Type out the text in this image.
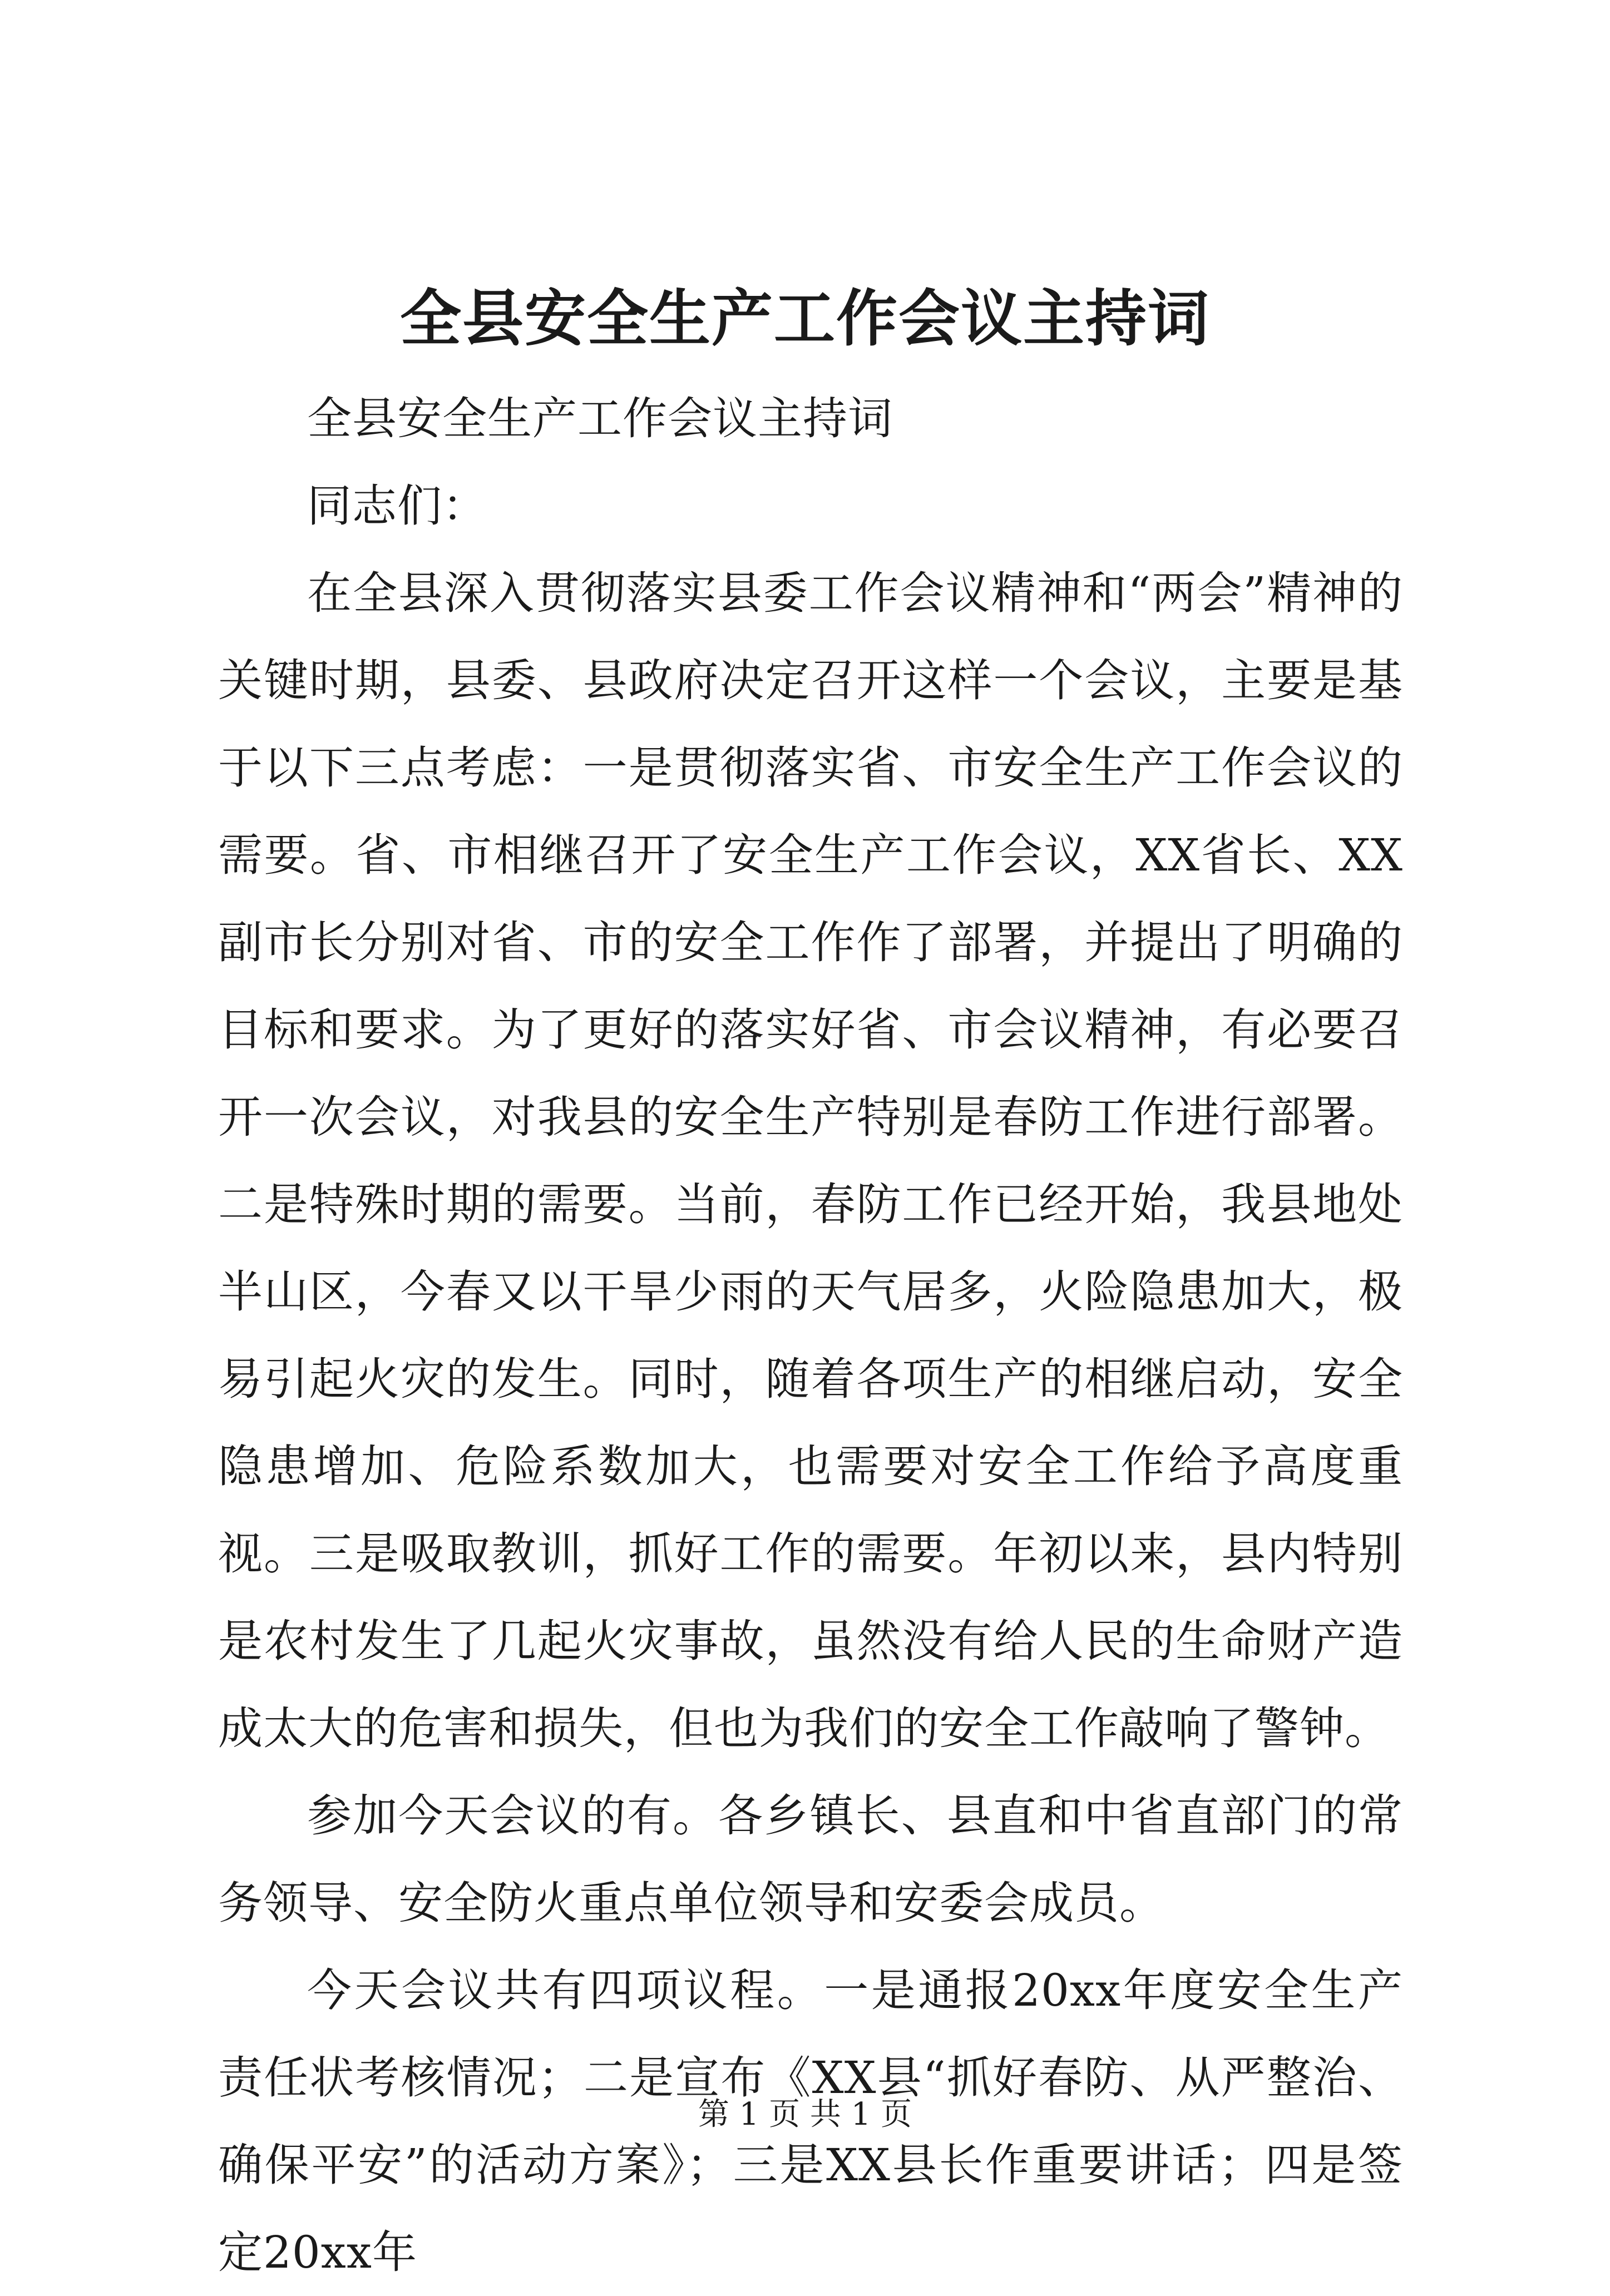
全县安全生产工作会议主持词

全县安全生产工作会议主持词

同志们：

在全县深入贯彻落实县委工作会议精神和“两会”精神的关键时期，县委、县政府决定召开这样一个会议，主要是基于以下三点考虑：一是贯彻落实省、市安全生产工作会议的需要。省、市相继召开了安全生产工作会议，XX省长、XX副市长分别对省、市的安全工作作了部署，并提出了明确的目标和要求。为了更好的落实好省、市会议精神，有必要召开一次会议，对我县的安全生产特别是春防工作进行部署。二是特殊时期的需要。当前，春防工作已经开始，我县地处半山区，今春又以干旱少雨的天气居多，火险隐患加大，极易引起火灾的发生。同时，随着各项生产的相继启动，安全隐患增加、危险系数加大，也需要对安全工作给予高度重视。三是吸取教训，抓好工作的需要。年初以来，县内特别是农村发生了几起火灾事故，虽然没有给人民的生命财产造成太大的危害和损失，但也为我们的安全工作敲响了警钟。

参加今天会议的有。各乡镇长、县直和中省直部门的常务领导、安全防火重点单位领导和安委会成员。

今天会议共有四项议程。一是通报20xx年度安全生产责任状考核情况；二是宣布《XX县“抓好春防、从严整治、确保平安”的活动方案》；三是XX县长作重要讲话；四是签定20xx年

第 1 页 共 1 页
